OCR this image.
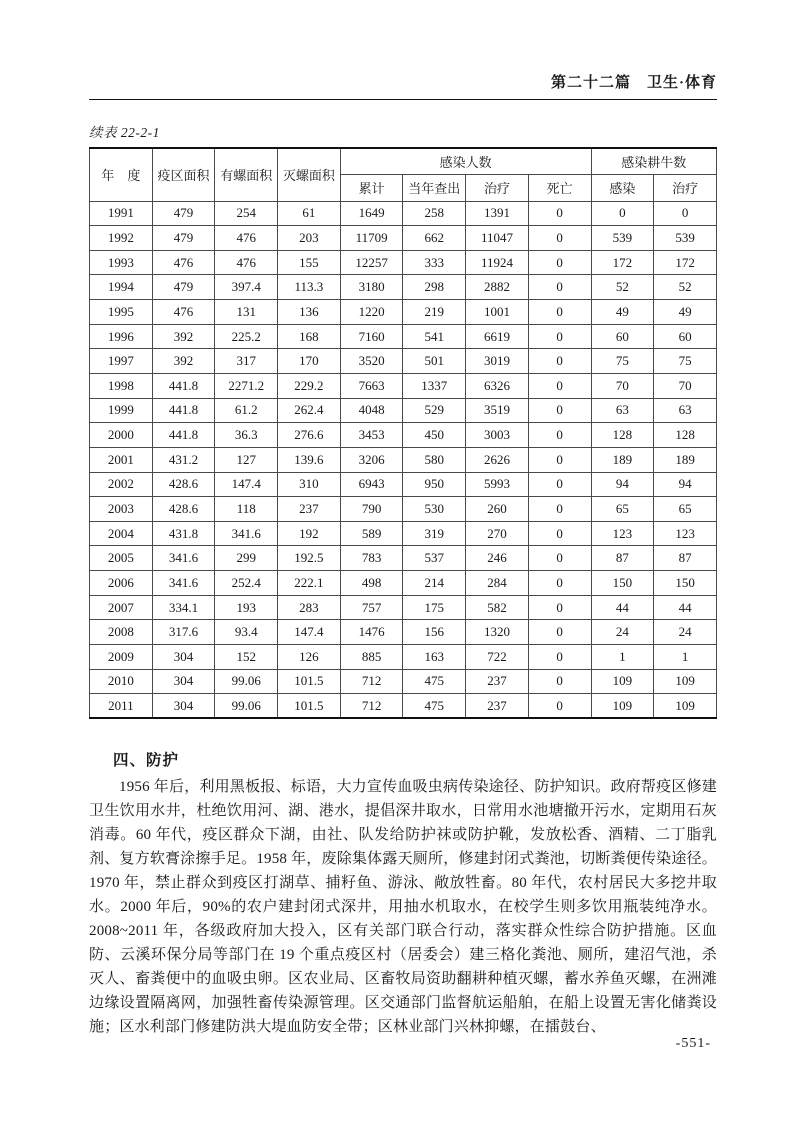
第二十二篇　卫生·体育
续表 22-2-1
年　度	疫区面积	有螺面积	灭螺面积	感染人数				感染耕牛数	
				累计	当年查出	治疗	死亡	感染	治疗
1991	479	254	61	1649	258	1391	0	0	0
1992	479	476	203	11709	662	11047	0	539	539
1993	476	476	155	12257	333	11924	0	172	172
1994	479	397.4	113.3	3180	298	2882	0	52	52
1995	476	131	136	1220	219	1001	0	49	49
1996	392	225.2	168	7160	541	6619	0	60	60
1997	392	317	170	3520	501	3019	0	75	75
1998	441.8	2271.2	229.2	7663	1337	6326	0	70	70
1999	441.8	61.2	262.4	4048	529	3519	0	63	63
2000	441.8	36.3	276.6	3453	450	3003	0	128	128
2001	431.2	127	139.6	3206	580	2626	0	189	189
2002	428.6	147.4	310	6943	950	5993	0	94	94
2003	428.6	118	237	790	530	260	0	65	65
2004	431.8	341.6	192	589	319	270	0	123	123
2005	341.6	299	192.5	783	537	246	0	87	87
2006	341.6	252.4	222.1	498	214	284	0	150	150
2007	334.1	193	283	757	175	582	0	44	44
2008	317.6	93.4	147.4	1476	156	1320	0	24	24
2009	304	152	126	885	163	722	0	1	1
2010	304	99.06	101.5	712	475	237	0	109	109
2011	304	99.06	101.5	712	475	237	0	109	109
四、防护
1956 年后，利用黑板报、标语，大力宣传血吸虫病传染途径、防护知识。政府帮疫区修建卫生饮用水井，杜绝饮用河、湖、港水，提倡深井取水，日常用水池塘撤开污水，定期用石灰消毒。60 年代，疫区群众下湖，由社、队发给防护袜或防护靴，发放松香、酒精、二丁脂乳剂、复方软膏涂擦手足。1958 年，废除集体露天厕所，修建封闭式粪池，切断粪便传染途径。1970 年，禁止群众到疫区打湖草、捕籽鱼、游泳、敞放牲畜。80 年代，农村居民大多挖井取水。2000 年后，90%的农户建封闭式深井，用抽水机取水，在校学生则多饮用瓶装纯净水。2008~2011 年，各级政府加大投入，区有关部门联合行动，落实群众性综合防护措施。区血防、云溪环保分局等部门在 19 个重点疫区村（居委会）建三格化粪池、厕所，建沼气池，杀灭人、畜粪便中的血吸虫卵。区农业局、区畜牧局资助翻耕种植灭螺，蓄水养鱼灭螺，在洲滩边缘设置隔离网，加强牲畜传染源管理。区交通部门监督航运船舶，在船上设置无害化储粪设施；区水利部门修建防洪大堤血防安全带；区林业部门兴林抑螺，在擂鼓台、
-551-
